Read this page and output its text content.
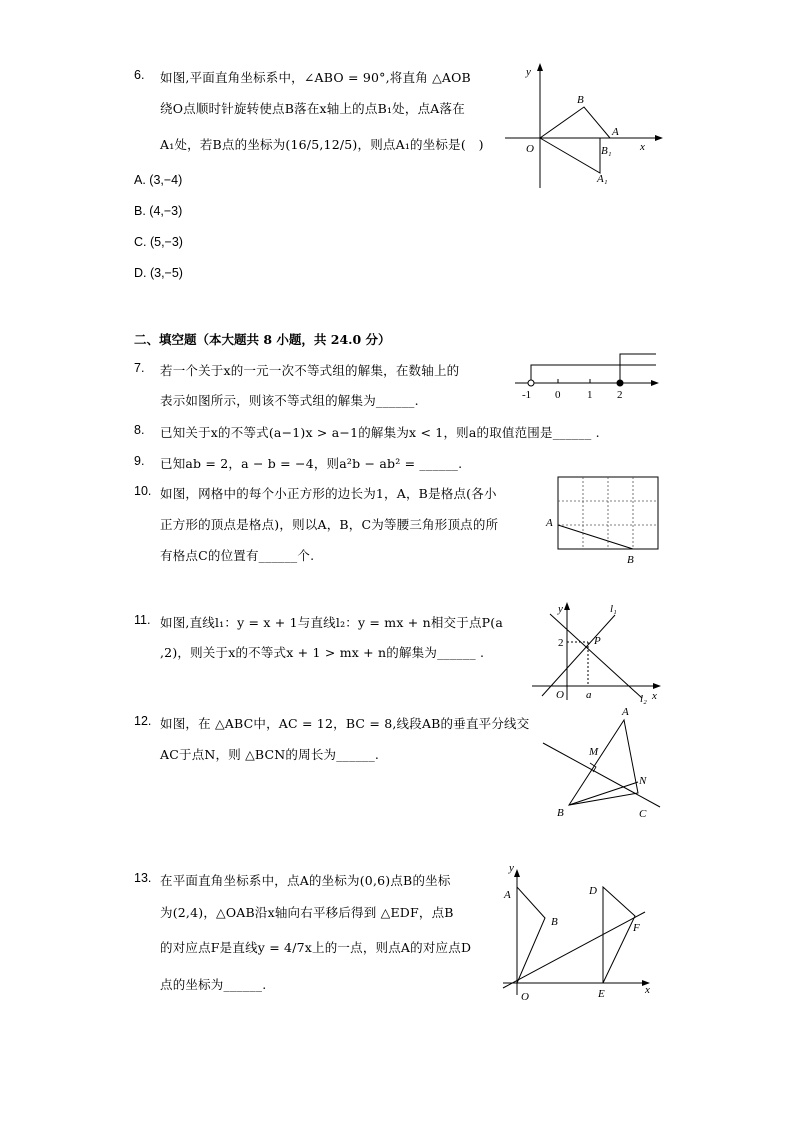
6. 如图,平面直角坐标系中，∠ABO = 90°,将直角 △AOB
绕O点顺时针旋转使点B落在x轴上的点B₁处，点A落在
A₁处，若B点的坐标为(16/5,12/5)，则点A₁的坐标是(　)
A. (3,−4)
B. (4,−3)
C. (5,−3)
D. (3,−5)
y
x
O
B
A
B₁
A₁
二、填空题（本大题共 8 小题，共 24.0 分）
7. 若一个关于x的一元一次不等式组的解集，在数轴上的
表示如图所示，则该不等式组的解集为______.	-1 0 1 2
8. 已知关于x的不等式(a−1)x > a−1的解集为x < 1，则a的取值范围是______ .
9. 已知ab = 2，a − b = −4，则a²b − ab² = ______.
10. 如图，网格中的每个小正方形的边长为1，A，B是格点(各小
正方形的顶点是格点)，则以A，B，C为等腰三角形顶点的所
有格点C的位置有______个.
A
B
11. 如图,直线l₁：y = x + 1与直线l₂：y = mx + n相交于点P(a
,2)，则关于x的不等式x + 1 > mx + n的解集为______ .
y
x
O
2	P
a
l₁
l₂
12. 如图，在 △ABC中，AC = 12，BC = 8,线段AB的垂直平分线交
AC于点N，则 △BCN的周长为______.
A
B	C
M
N
13. 在平面直角坐标系中，点A的坐标为(0,6)点B的坐标
为(2,4)，△OAB沿x轴向右平移后得到 △EDF，点B
的对应点F是直线y = 4/7x上的一点，则点A的对应点D
点的坐标为______.
y
x
O
A
B
D
E
F
